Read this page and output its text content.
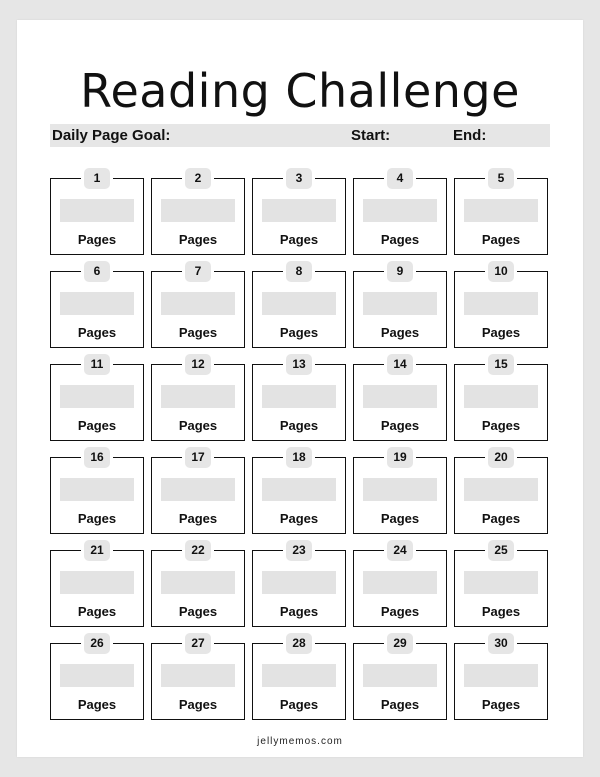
Reading Challenge
Daily Page Goal:	Start:	End:
1
Pages
2
Pages
3
Pages
4
Pages
5
Pages
6
Pages
7
Pages
8
Pages
9
Pages
10
Pages
11
Pages
12
Pages
13
Pages
14
Pages
15
Pages
16
Pages
17
Pages
18
Pages
19
Pages
20
Pages
21
Pages
22
Pages
23
Pages
24
Pages
25
Pages
26
Pages
27
Pages
28
Pages
29
Pages
30
Pages
jellymemos.com
